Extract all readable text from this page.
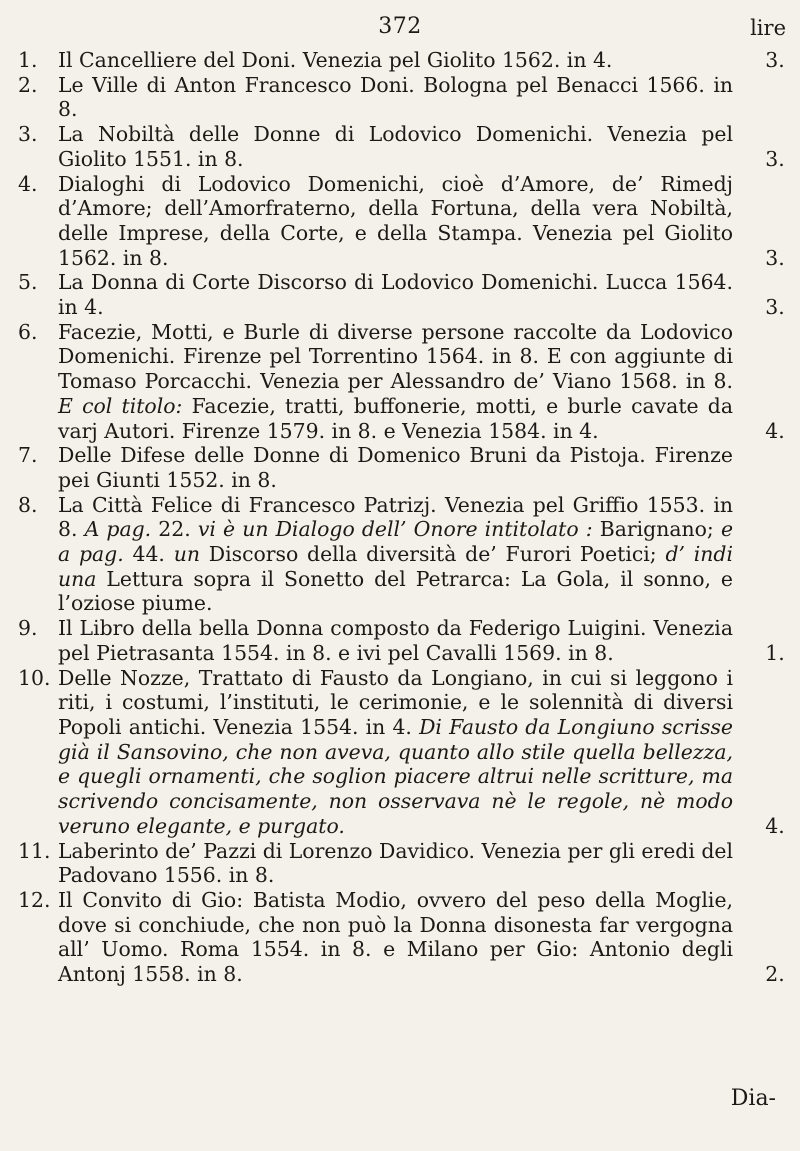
372	lire

1. Il Cancelliere del Doni. Venezia pel Giolito 1562. in 4.	3.

2. Le Ville di Anton Francesco Doni. Bologna pel Benacci 1566. in 8.

3. La Nobiltà delle Donne di Lodovico Domenichi. Venezia pel Giolito 1551. in 8.	3.

4. Dialoghi di Lodovico Domenichi, cioè d’Amore, de’ Rimedj d’Amore; dell’Amorfraterno, della Fortuna, della vera Nobiltà, delle Imprese, della Corte, e della Stampa. Venezia pel Giolito 1562. in 8.	3.

5. La Donna di Corte Discorso di Lodovico Domenichi. Lucca 1564. in 4.	3.

6. Facezie, Motti, e Burle di diverse persone raccolte da Lodovico Domenichi. Firenze pel Torrentino 1564. in 8. E con aggiunte di Tomaso Porcacchi. Venezia per Alessandro de’ Viano 1568. in 8. E col titolo: Facezie, tratti, buffonerie, motti, e burle cavate da varj Autori. Firenze 1579. in 8. e Venezia 1584. in 4.	4.

7. Delle Difese delle Donne di Domenico Bruni da Pistoja. Firenze pei Giunti 1552. in 8.

8. La Città Felice di Francesco Patrizj. Venezia pel Griffio 1553. in 8. A pag. 22. vi è un Dialogo dell’ Onore intitolato : Barignano; e a pag. 44. un Discorso della diversità de’ Furori Poetici; d’ indi una Lettura sopra il Sonetto del Petrarca: La Gola, il sonno, e l’oziose piume.

9. Il Libro della bella Donna composto da Federigo Luigini. Venezia pel Pietrasanta 1554. in 8. e ivi pel Cavalli 1569. in 8.	1.

10. Delle Nozze, Trattato di Fausto da Longiano, in cui si leggono i riti, i costumi, l’instituti, le cerimonie, e le solennità di diversi Popoli antichi. Venezia 1554. in 4. Di Fausto da Longiuno scrisse già il Sansovino, che non aveva, quanto allo stile quella bellezza, e quegli ornamenti, che soglion piacere altrui nelle scritture, ma scrivendo concisamente, non osservava nè le regole, nè modo veruno elegante, e purgato.	4.

11. Laberinto de’ Pazzi di Lorenzo Davidico. Venezia per gli eredi del Padovano 1556. in 8.

12. Il Convito di Gio: Batista Modio, ovvero del peso della Moglie, dove si conchiude, che non può la Donna disonesta far vergogna all’ Uomo. Roma 1554. in 8. e Milano per Gio: Antonio degli Antonj 1558. in 8.	2.

Dia-
